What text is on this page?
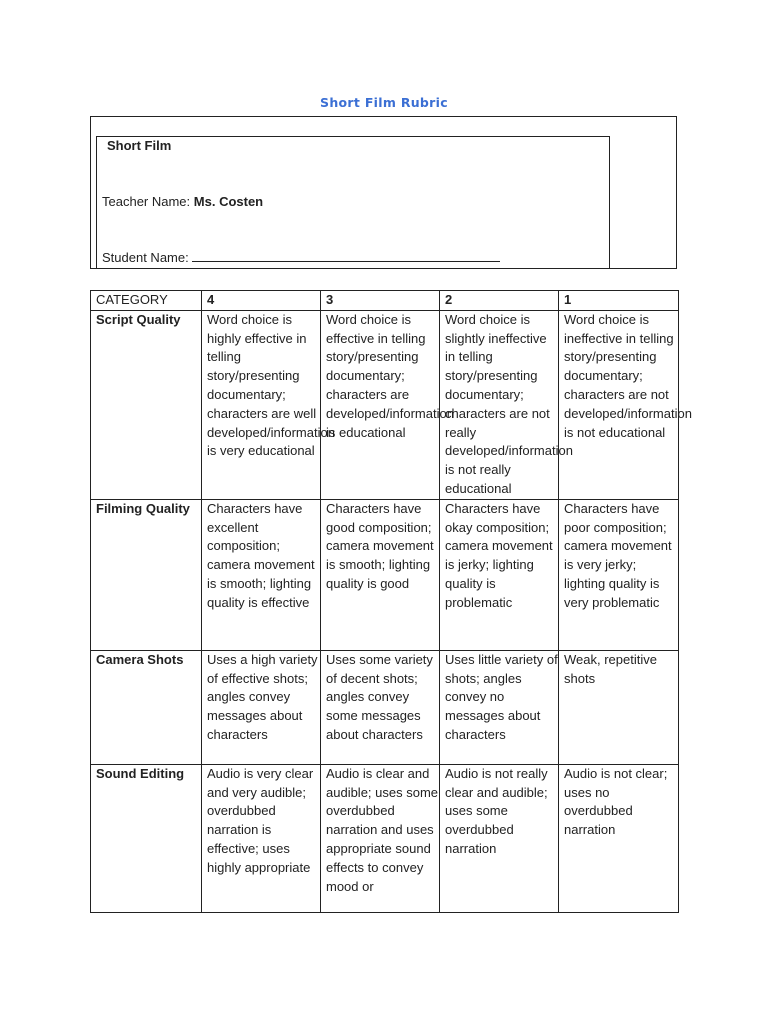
Short Film Rubric
Short Film
Teacher Name: Ms. Costen
Student Name:
CATEGORY	4	3	2	1
Script Quality	Word choice is highly effective in telling story/presenting documentary; characters are well developed/information is very educational	Word choice is effective in telling story/presenting documentary; characters are developed/information is educational	Word choice is slightly ineffective in telling story/presenting documentary; characters are not really developed/information is not really educational	Word choice is ineffective in telling story/presenting documentary; characters are not developed/information is not educational
Filming Quality	Characters have excellent composition; camera movement is smooth; lighting quality is effective	Characters have good composition; camera movement is smooth; lighting quality is good	Characters have okay composition; camera movement is jerky; lighting quality is problematic	Characters have poor composition; camera movement is very jerky; lighting quality is very problematic
Camera Shots	Uses a high variety of effective shots; angles convey messages about characters	Uses some variety of decent shots; angles convey some messages about characters	Uses little variety of shots; angles convey no messages about characters	Weak, repetitive shots
Sound Editing	Audio is very clear and very audible; overdubbed narration is effective; uses highly appropriate	Audio is clear and audible; uses some overdubbed narration and uses appropriate sound effects to convey mood or	Audio is not really clear and audible; uses some overdubbed narration	Audio is not clear; uses no overdubbed narration
